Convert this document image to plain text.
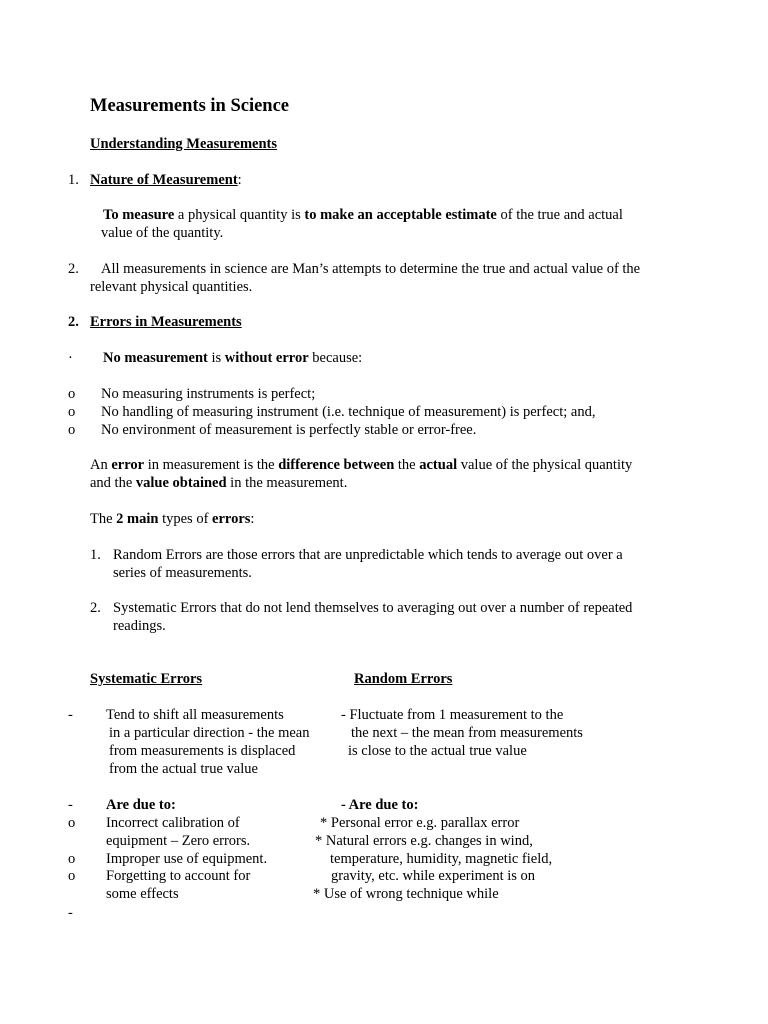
Measurements in Science
Understanding Measurements
1. Nature of Measurement:
To measure a physical quantity is to make an acceptable estimate of the true and actual
value of the quantity.
2. All measurements in science are Man’s attempts to determine the true and actual value of the
relevant physical quantities.
2. Errors in Measurements
· No measurement is without error because:
o No measuring instruments is perfect;
o No handling of measuring instrument (i.e. technique of measurement) is perfect; and,
o No environment of measurement is perfectly stable or error-free.
An error in measurement is the difference between the actual value of the physical quantity
and the value obtained in the measurement.
The 2 main types of errors:
1. Random Errors are those errors that are unpredictable which tends to average out over a
series of measurements.
2. Systematic Errors that do not lend themselves to averaging out over a number of repeated
readings.
Systematic Errors	Random Errors
- Tend to shift all measurements
in a particular direction - the mean
from measurements is displaced
from the actual true value
- Fluctuate from 1 measurement to the
the next – the mean from measurements
is close to the actual true value
- Are due to:	- Are due to:
o Incorrect calibration of
equipment – Zero errors.
o Improper use of equipment.
o Forgetting to account for
some effects
* Personal error e.g. parallax error
* Natural errors e.g. changes in wind,
temperature, humidity, magnetic field,
gravity, etc. while experiment is on
* Use of wrong technique while
-
